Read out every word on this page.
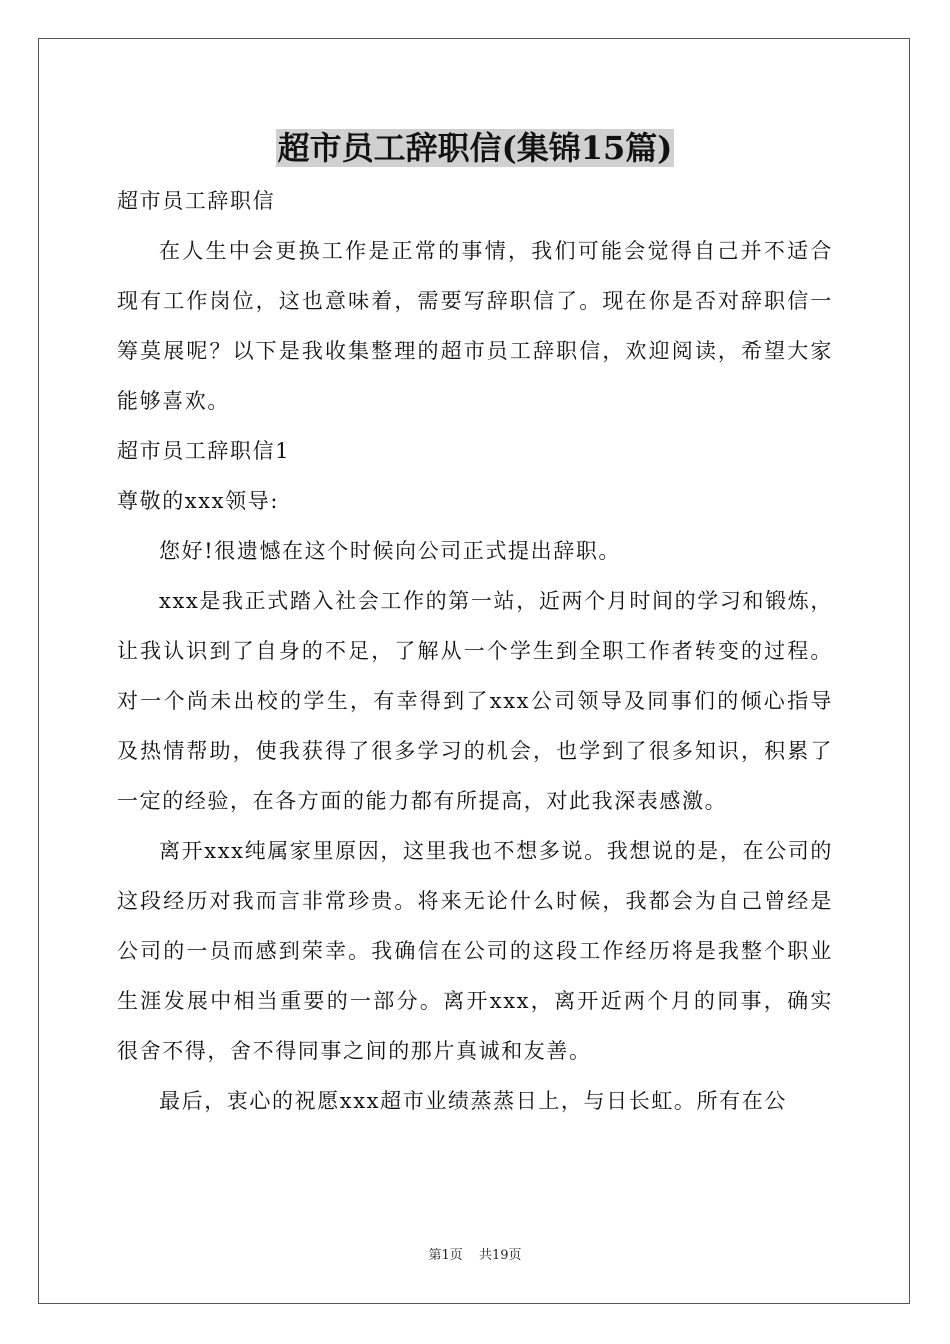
超市员工辞职信(集锦15篇)

超市员工辞职信

在人生中会更换工作是正常的事情，我们可能会觉得自己并不适合现有工作岗位，这也意味着，需要写辞职信了。现在你是否对辞职信一筹莫展呢？以下是我收集整理的超市员工辞职信，欢迎阅读，希望大家能够喜欢。

超市员工辞职信1

尊敬的xxx领导:

您好!很遗憾在这个时候向公司正式提出辞职。

xxx是我正式踏入社会工作的第一站，近两个月时间的学习和锻炼，让我认识到了自身的不足，了解从一个学生到全职工作者转变的过程。对一个尚未出校的学生，有幸得到了xxx公司领导及同事们的倾心指导及热情帮助，使我获得了很多学习的机会，也学到了很多知识，积累了一定的经验，在各方面的能力都有所提高，对此我深表感激。

离开xxx纯属家里原因，这里我也不想多说。我想说的是，在公司的这段经历对我而言非常珍贵。将来无论什么时候，我都会为自己曾经是公司的一员而感到荣幸。我确信在公司的这段工作经历将是我整个职业生涯发展中相当重要的一部分。离开xxx，离开近两个月的同事，确实很舍不得，舍不得同事之间的那片真诚和友善。

最后，衷心的祝愿xxx超市业绩蒸蒸日上，与日长虹。所有在公

第1页 共19页
